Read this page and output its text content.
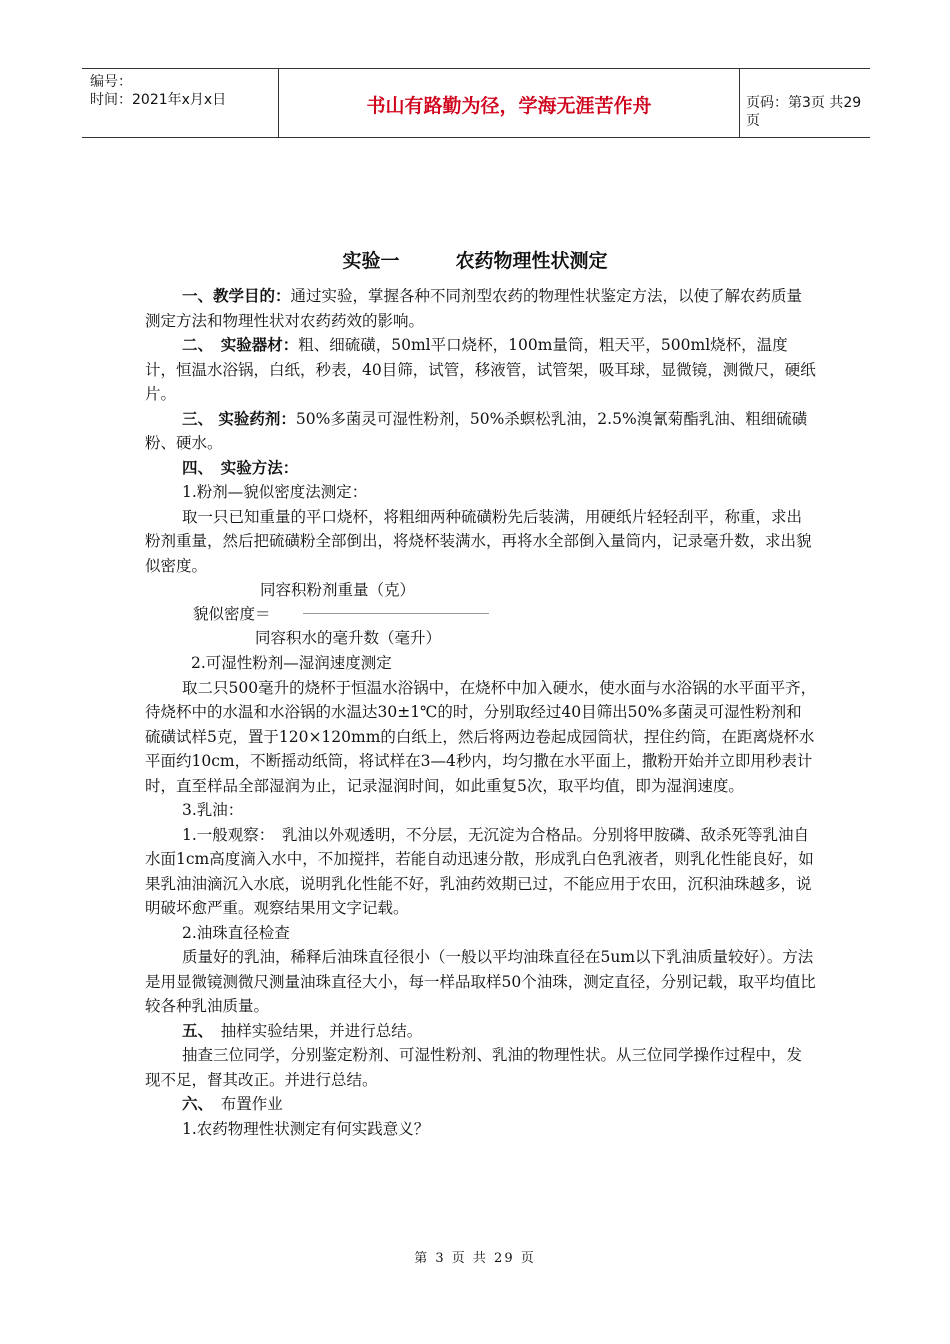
编号：
时间：2021年x月x日	书山有路勤为径，学海无涯苦作舟	页码：第3页 共29页
实验一	农药物理性状测定

一、教学目的：通过实验，掌握各种不同剂型农药的物理性状鉴定方法，以使了解农药质量测定方法和物理性状对农药药效的影响。

二、　实验器材：粗、细硫磺，50ml平口烧杯，100m量筒，粗天平，500ml烧杯，温度计，恒温水浴锅，白纸，秒表，40目筛，试管，移液管，试管架，吸耳球，显微镜，测微尺，硬纸片。

三、 实验药剂：50%多菌灵可湿性粉剂，50%杀螟松乳油，2.5%溴氰菊酯乳油、粗细硫磺粉、硬水。

四、　实验方法：

1.粉剂—貌似密度法测定：

取一只已知重量的平口烧杯，将粗细两种硫磺粉先后装满，用硬纸片轻轻刮平，称重，求出粉剂重量，然后把硫磺粉全部倒出，将烧杯装满水，再将水全部倒入量筒内，记录毫升数，求出貌似密度。

同容积粉剂重量（克）
貌似密度＝
同容积水的毫升数（毫升）

2.可湿性粉剂—湿润速度测定

取二只500毫升的烧杯于恒温水浴锅中，在烧杯中加入硬水，使水面与水浴锅的水平面平齐，待烧杯中的水温和水浴锅的水温达30±1℃的时，分别取经过40目筛出50%多菌灵可湿性粉剂和硫磺试样5克，置于120×120mm的白纸上，然后将两边卷起成园筒状，捏住约筒，在距离烧杯水平面约10cm，不断摇动纸筒，将试样在3—4秒内，均匀撒在水平面上，撒粉开始并立即用秒表计时，直至样品全部湿润为止，记录湿润时间，如此重复5次，取平均值，即为湿润速度。

3.乳油：

1.一般观察：　乳油以外观透明，不分层，无沉淀为合格品。分别将甲胺磷、敌杀死等乳油自水面1cm高度滴入水中，不加搅拌，若能自动迅速分散，形成乳白色乳液者，则乳化性能良好，如果乳油油滴沉入水底，说明乳化性能不好，乳油药效期已过，不能应用于农田，沉积油珠越多，说明破坏愈严重。观察结果用文字记载。

2.油珠直径检查

质量好的乳油，稀释后油珠直径很小（一般以平均油珠直径在5um以下乳油质量较好）。方法是用显微镜测微尺测量油珠直径大小，每一样品取样50个油珠，测定直径，分别记载，取平均值比较各种乳油质量。

五、　抽样实验结果，并进行总结。

抽查三位同学，分别鉴定粉剂、可湿性粉剂、乳油的物理性状。从三位同学操作过程中，发现不足，督其改正。并进行总结。

六、　布置作业

1.农药物理性状测定有何实践意义？

第 3 页 共 29 页
